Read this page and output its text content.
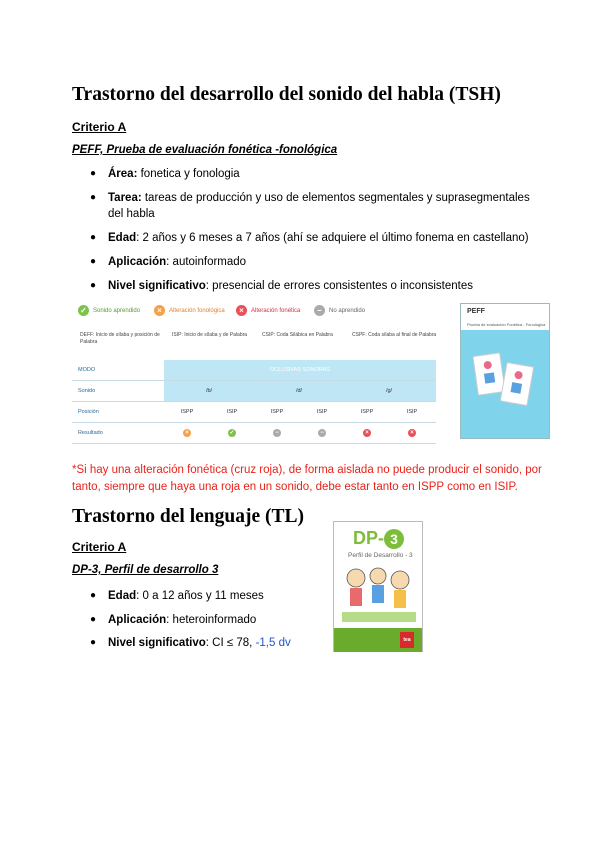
Trastorno del desarrollo del sonido del habla (TSH)
Criterio A
PEFF, Prueba de evaluación fonética -fonológica
● Área: fonetica y fonologia
● Tarea: tareas de producción y uso de elementos segmentales y suprasegmentales del habla
● Edad: 2 años y 6 meses a 7 años (ahí se adquiere el último fonema en castellano)
● Aplicación: autoinformado
● Nivel significativo: presencial de errores consistentes o inconsistentes
✓	Sonido aprendido	×	Alteración fonológica	×	Alteración fonética	−	No aprendido
DEFF: Inicio de sílaba y posición de Palabra
ISIP: Inicio de sílaba y de Palabra	CSIP: Coda Silábica en Palabra	CSPF: Coda sílaba al final de Palabra
MODO	OCLUSIVAS SONORAS
Sonido	/b/	/d/	/g/
Posición	ISPP	ISIP	ISPP	ISIP	ISPP	ISIP
Resultado	×	✓	−	−	×	×
PEFF
Prueba de evaluación Fonética - Fonológica
*Si hay una alteración fonética (cruz roja), de forma aislada no puede producir el sonido, por tanto, siempre que haya una roja en un sonido, debe estar tanto en ISPP como en ISIP.
Trastorno del lenguaje (TL)
Criterio A
DP-3, Perfil de desarrollo 3
● Edad: 0 a 12 años y 11 meses
● Aplicación: heteroinformado
● Nivel significativo: CI ≤ 78, -1,5 dv
DP- 3
Perfil de Desarrollo - 3
tea
